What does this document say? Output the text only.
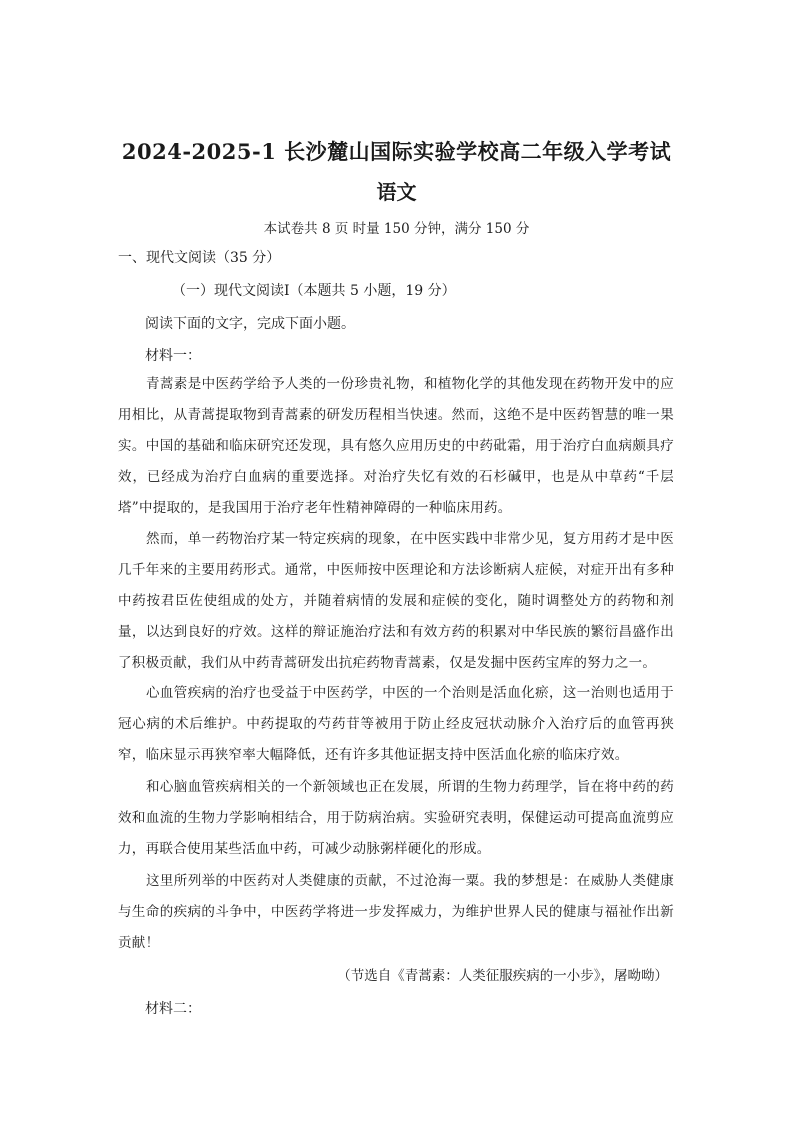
2024-2025-1 长沙麓山国际实验学校高二年级入学考试
语文
本试卷共 8 页 时量 150 分钟，满分 150 分
一、现代文阅读（35 分）
（一）现代文阅读Ⅰ（本题共 5 小题，19 分）
阅读下面的文字，完成下面小题。
材料一：
青蒿素是中医药学给予人类的一份珍贵礼物，和植物化学的其他发现在药物开发中的应用相比，从青蒿提取物到青蒿素的研发历程相当快速。然而，这绝不是中医药智慧的唯一果实。中国的基础和临床研究还发现，具有悠久应用历史的中药砒霜，用于治疗白血病颇具疗效，已经成为治疗白血病的重要选择。对治疗失忆有效的石杉碱甲，也是从中草药“千层塔”中提取的，是我国用于治疗老年性精神障碍的一种临床用药。
然而，单一药物治疗某一特定疾病的现象，在中医实践中非常少见，复方用药才是中医几千年来的主要用药形式。通常，中医师按中医理论和方法诊断病人症候，对症开出有多种中药按君臣佐使组成的处方，并随着病情的发展和症候的变化，随时调整处方的药物和剂量，以达到良好的疗效。这样的辩证施治疗法和有效方药的积累对中华民族的繁衍昌盛作出了积极贡献，我们从中药青蒿研发出抗疟药物青蒿素，仅是发掘中医药宝库的努力之一。
心血管疾病的治疗也受益于中医药学，中医的一个治则是活血化瘀，这一治则也适用于冠心病的术后维护。中药提取的芍药苷等被用于防止经皮冠状动脉介入治疗后的血管再狭窄，临床显示再狭窄率大幅降低，还有许多其他证据支持中医活血化瘀的临床疗效。
和心脑血管疾病相关的一个新领域也正在发展，所谓的生物力药理学，旨在将中药的药效和血流的生物力学影响相结合，用于防病治病。实验研究表明，保健运动可提高血流剪应力，再联合使用某些活血中药，可减少动脉粥样硬化的形成。
这里所列举的中医药对人类健康的贡献，不过沧海一粟。我的梦想是：在威胁人类健康与生命的疾病的斗争中，中医药学将进一步发挥威力，为维护世界人民的健康与福祉作出新贡献！
（节选自《青蒿素：人类征服疾病的一小步》，屠呦呦）
材料二：
